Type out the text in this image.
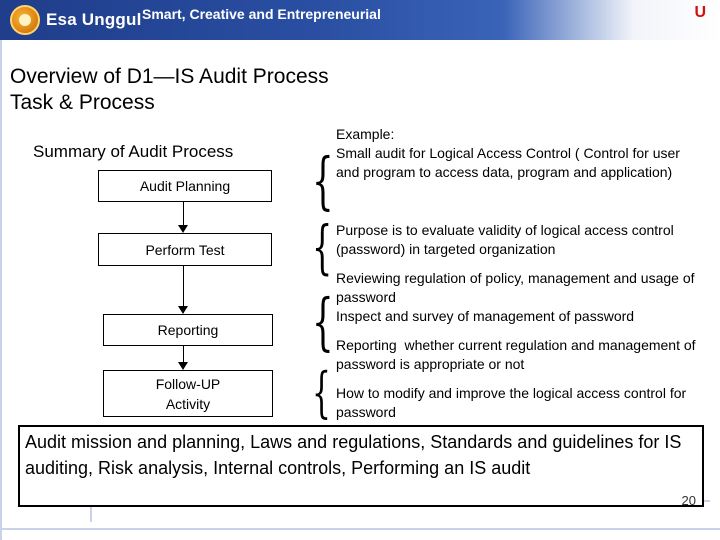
Esa Unggul Smart, Creative and Entrepreneurial	U
Overview of D1—IS Audit Process Task & Process
Summary of Audit Process
Audit Planning
Perform Test
Reporting
Follow-UP Activity
{
{
{
{
Example:
Small audit for Logical Access Control ( Control for user and program to access data, program and application)
Purpose is to evaluate validity of logical access control (password) in targeted organization
Reviewing regulation of policy, management and usage of password
Inspect and survey of management of password
Reporting  whether current regulation and management of password is appropriate or not
How to modify and improve the logical access control for password
Audit mission and planning, Laws and regulations, Standards and guidelines for IS auditing, Risk analysis, Internal controls, Performing an IS audit
20
